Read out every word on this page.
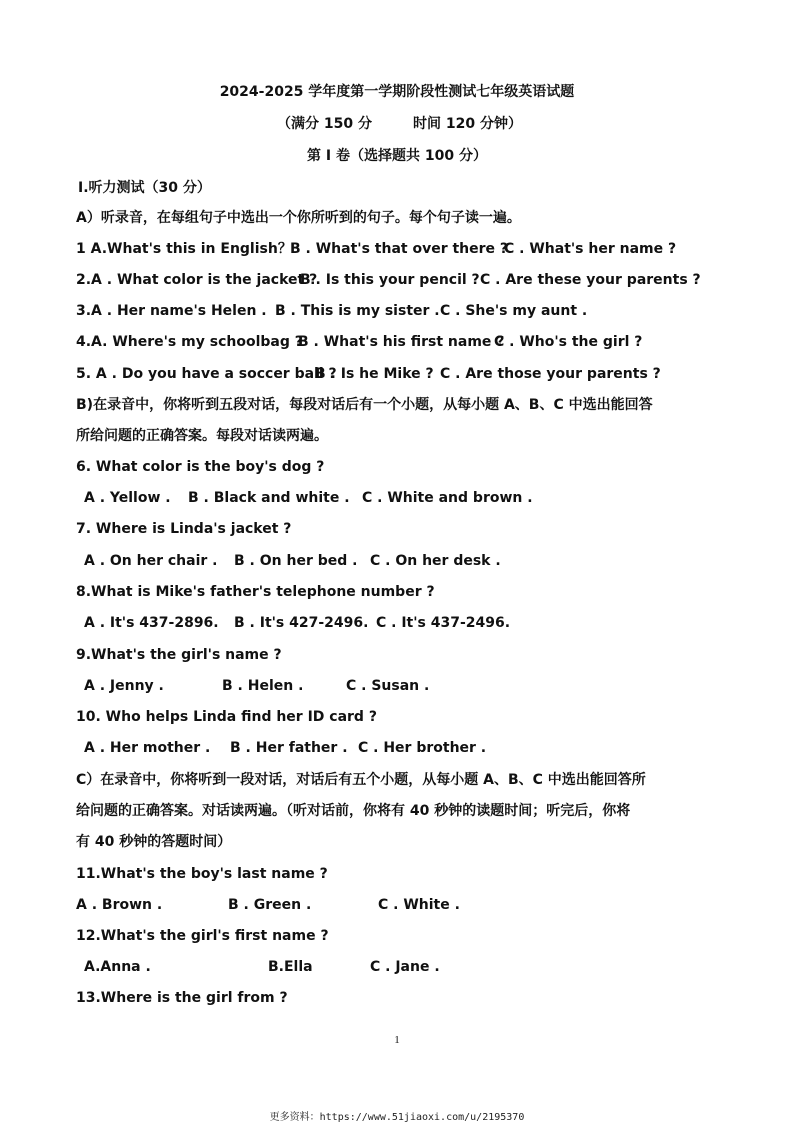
2024-2025 学年度第一学期阶段性测试七年级英语试题
（满分 150 分	时间 120 分钟）
第 Ⅰ 卷（选择题共 100 分）
Ⅰ.听力测试（30 分）
A）听录音，在每组句子中选出一个你所听到的句子。每个句子读一遍。
1 A.What's this in English？
B . What's that over there ?
C . What's her name ?
2.A . What color is the jacket ?
B . Is this your pencil ? C . Are these your parents ?
3.A . Her name's Helen . B . This is my sister . C . She's my aunt .
4.A. Where's my schoolbag ?
B . What's his first name ?
C . Who's the girl ?
5. A . Do you have a soccer ball ?
B . Is he Mike ? C . Are those your parents ?
B)在录音中，你将听到五段对话，每段对话后有一个小题，从每小题 A、B、C 中选出能回答
所给问题的正确答案。每段对话读两遍。
6. What color is the boy's dog ?
A . Yellow . B . Black and white . C . White and brown .
7. Where is Linda's jacket ?
A . On her chair . B . On her bed . C . On her desk .
8.What is Mike's father's telephone number ?
A . It's 437-2896. B . It's 427-2496. C . It's 437-2496.
9.What's the girl's name ?
A . Jenny .	B . Helen .	C . Susan .
10. Who helps Linda find her ID card ?
A . Her mother . B . Her father . C . Her brother .
C）在录音中，你将听到一段对话，对话后有五个小题，从每小题 A、B、C 中选出能回答所
给问题的正确答案。对话读两遍。（听对话前，你将有 40 秒钟的读题时间；听完后，你将
有 40 秒钟的答题时间）
11.What's the boy's last name ?
A . Brown .	B . Green .	C . White .
12.What's the girl's first name ?
A.Anna .	B.Ella	C . Jane .
13.Where is the girl from ?
1
更多资料：https://www.51jiaoxi.com/u/2195370
